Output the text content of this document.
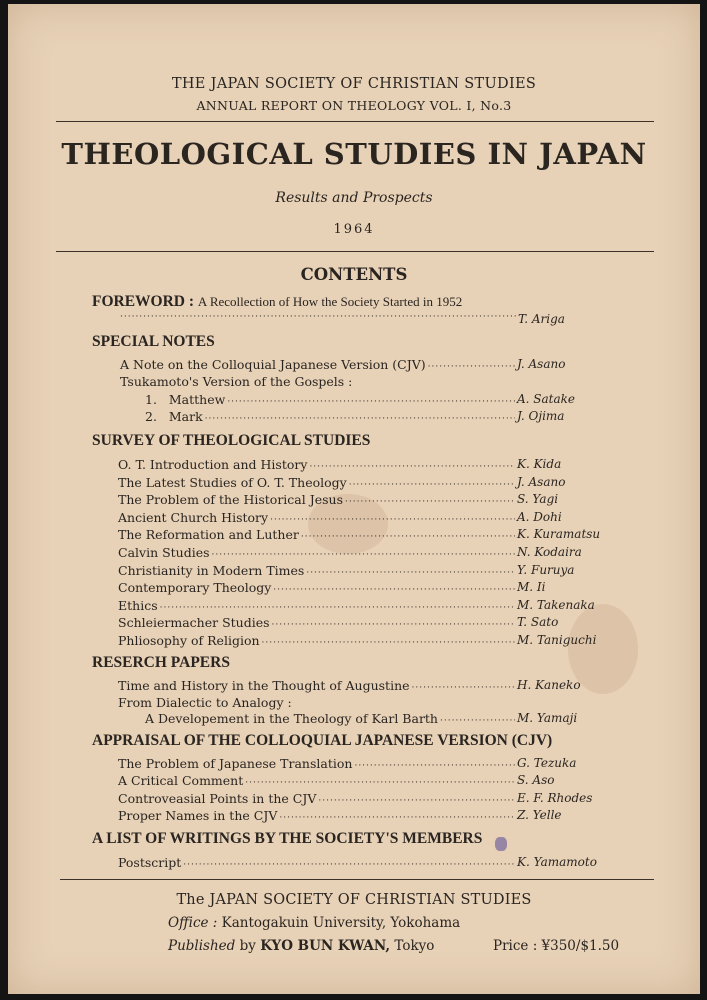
THE JAPAN SOCIETY OF CHRISTIAN STUDIES
ANNUAL REPORT ON THEOLOGY VOL. I, No.3
THEOLOGICAL STUDIES IN JAPAN
Results and Prospects
1964
CONTENTS
FOREWORD : A Recollection of How the Society Started in 1952
·····
T. Ariga
SPECIAL NOTES
A Note on the Colloquial Japanese Version (CJV) ·····	J. Asano
Tsukamoto's Version of the Gospels :
1. Matthew ·····	A. Satake
2. Mark ·····	J. Ojima
SURVEY OF THEOLOGICAL STUDIES
O. T. Introduction and History ·····	K. Kida
The Latest Studies of O. T. Theology ·····	J. Asano
The Problem of the Historical Jesus ·····	S. Yagi
Ancient Church History ·····	A. Dohi
The Reformation and Luther ·····	K. Kuramatsu
Calvin Studies ·····	N. Kodaira
Christianity in Modern Times ·····	Y. Furuya
Contemporary Theology ·····	M. Ii
Ethics ·····	M. Takenaka
Schleiermacher Studies ·····	T. Sato
Phliosophy of Religion ·····	M. Taniguchi
RESERCH PAPERS
Time and History in the Thought of Augustine ·····	H. Kaneko
From Dialectic to Analogy :
A Developement in the Theology of Karl Barth ·····	M. Yamaji
APPRAISAL OF THE COLLOQUIAL JAPANESE VERSION (CJV)
The Problem of Japanese Translation ·····	G. Tezuka
A Critical Comment ·····	S. Aso
Controveasial Points in the CJV ·····	E. F. Rhodes
Proper Names in the CJV ·····	Z. Yelle
A LIST OF WRITINGS BY THE SOCIETY'S MEMBERS
Postscript ·····	K. Yamamoto
The JAPAN SOCIETY OF CHRISTIAN STUDIES
Office : Kantogakuin University, Yokohama
Published by KYO BUN KWAN, Tokyo	Price : ¥350/$1.50
